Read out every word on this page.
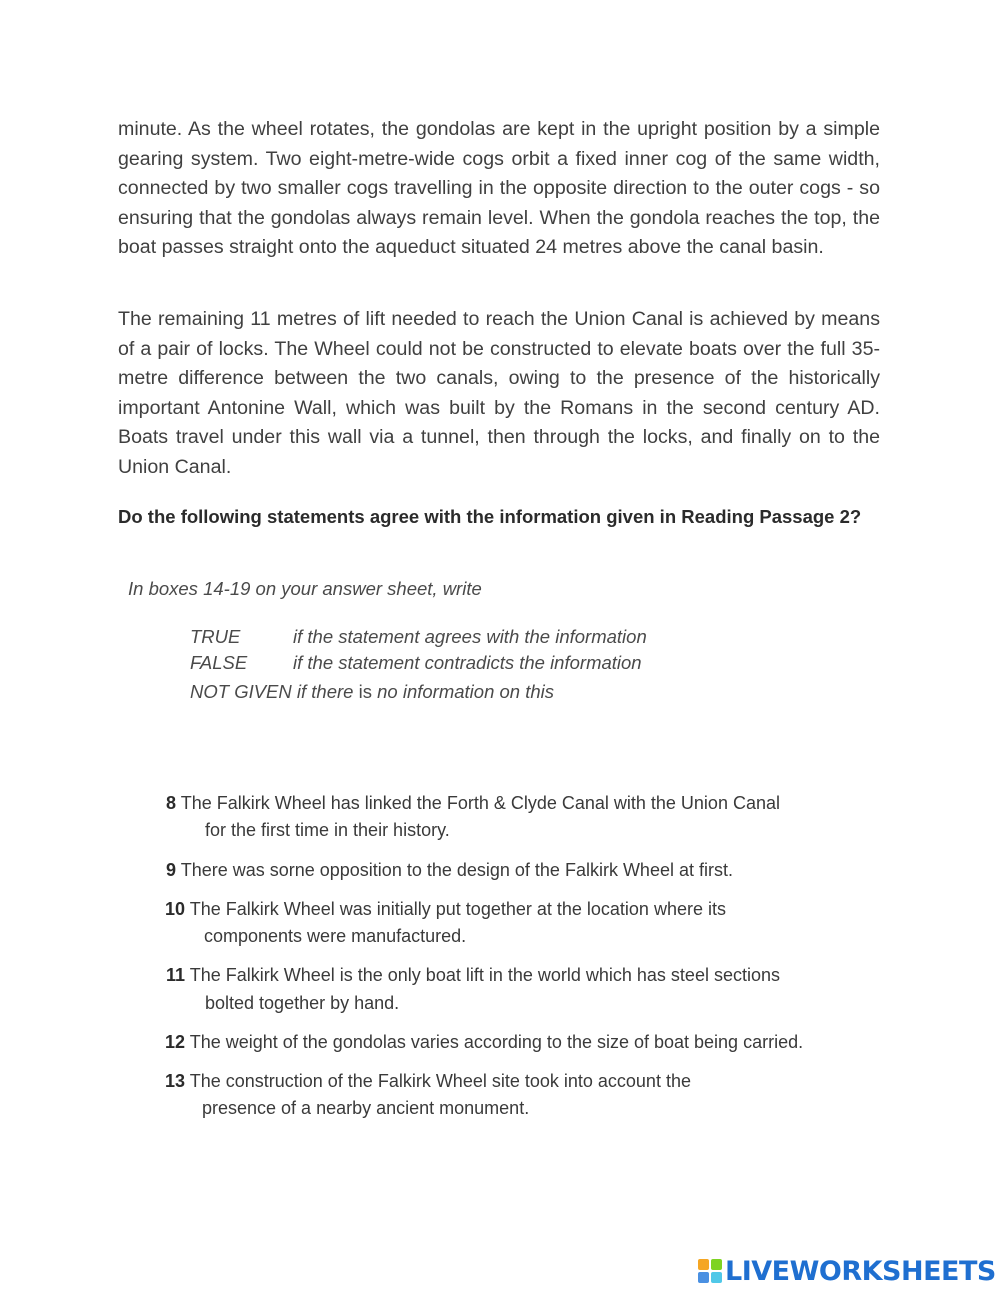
minute. As the wheel rotates, the gondolas are kept in the upright position by a simple gearing system. Two eight-metre-wide cogs orbit a fixed inner cog of the same width, connected by two smaller cogs travelling in the opposite direction to the outer cogs - so ensuring that the gondolas always remain level. When the gondola reaches the top, the boat passes straight onto the aqueduct situated 24 metres above the canal basin.

The remaining 11 metres of lift needed to reach the Union Canal is achieved by means of a pair of locks. The Wheel could not be constructed to elevate boats over the full 35-metre difference between the two canals, owing to the presence of the historically important Antonine Wall, which was built by the Romans in the second century AD. Boats travel under this wall via a tunnel, then through the locks, and finally on to the Union Canal.

Do the following statements agree with the information given in Reading Passage 2?

In boxes 14-19 on your answer sheet, write

TRUE	if the statement agrees with the information

FALSE if the statement contradicts the information

NOT GIVEN if there is no information on this

8 The Falkirk Wheel has linked the Forth & Clyde Canal with the Union Canal

for the first time in their history.

9 There was sorne opposition to the design of the Falkirk Wheel at first.

10 The Falkirk Wheel was initially put together at the location where its

components were manufactured.

11 The Falkirk Wheel is the only boat lift in the world which has steel sections

bolted together by hand.

12 The weight of the gondolas varies according to the size of boat being carried.

13 The construction of the Falkirk Wheel site took into account the

presence of a nearby ancient monument.

LIVEWORKSHEETS
